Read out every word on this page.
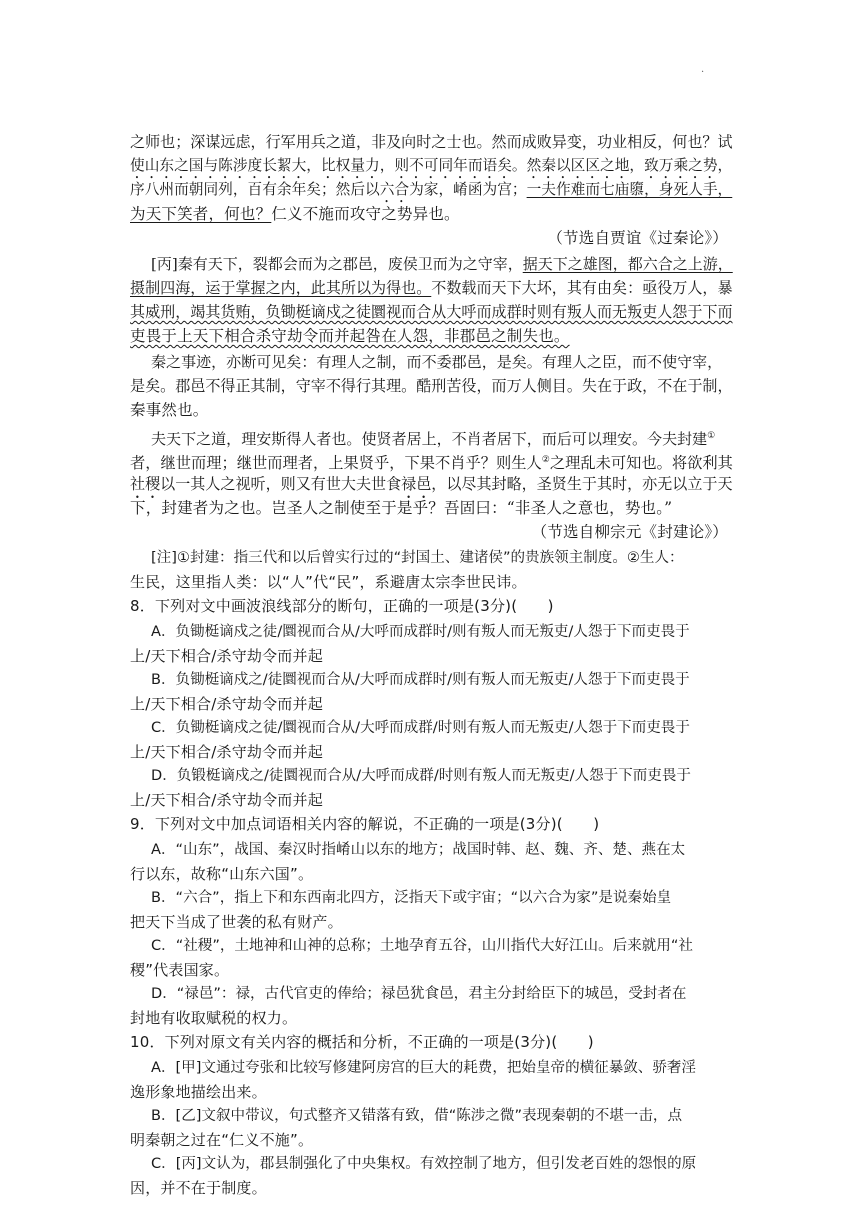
·
之师也；深谋远虑，行军用兵之道，非及向时之士也。然而成败异变，功业相反，何也？试
使山东之国与陈涉度长絜大，比权量力，则不可同年而语矣。然秦以区区之地，致万乘之势，
序八州而朝同列，百有余年矣；然后以六合为家，崤函为宫；一夫作难而七庙隳，身死人手，
为天下笑者，何也？仁义不施而攻守之势异也。
（节选自贾谊《过秦论》）
[丙]秦有天下，裂都会而为之郡邑，废侯卫而为之守宰，据天下之雄图，都六合之上游，
摄制四海，运于掌握之内，此其所以为得也。不数载而天下大坏，其有由矣：亟役万人，暴
其威刑，竭其货贿，负锄梃谪戍之徒圜视而合从大呼而成群时则有叛人而无叛吏人怨于下而
吏畏于上天下相合杀守劫令而并起咎在人怨，非郡邑之制失也。
秦之事迹，亦断可见矣：有理人之制，而不委郡邑，是矣。有理人之臣，而不使守宰，
是矣。郡邑不得正其制，守宰不得行其理。酷刑苦役，而万人侧目。失在于政，不在于制，
秦事然也。
夫天下之道，理安斯得人者也。使贤者居上，不肖者居下，而后可以理安。今夫封建①
者，继世而理；继世而理者，上果贤乎，下果不肖乎？则生人②之理乱未可知也。将欲利其
社稷以一其人之视听，则又有世大夫世食禄邑，以尽其封略，圣贤生于其时，亦无以立于天
下，封建者为之也。岂圣人之制使至于是乎？吾固曰：“非圣人之意也，势也。”
（节选自柳宗元《封建论》）
[注]①封建：指三代和以后曾实行过的“封国土、建诸侯”的贵族领主制度。②生人：
生民，这里指人类：以“人”代“民”，系避唐太宗李世民讳。
8．下列对文中画波浪线部分的断句，正确的一项是(3分)(　　)
A．负锄梃谪戍之徒/圜视而合从/大呼而成群时/则有叛人而无叛吏/人怨于下而吏畏于
上/天下相合/杀守劫令而并起
B．负锄梃谪戍之/徒圜视而合从/大呼而成群时/则有叛人而无叛吏/人怨于下而吏畏于
上/天下相合/杀守劫令而并起
C．负锄梃谪戍之徒/圜视而合从/大呼而成群/时则有叛人而无叛吏/人怨于下而吏畏于
上/天下相合/杀守劫令而并起
D．负锻梃谪戍之/徒圜视而合从/大呼而成群/时则有叛人而无叛吏/人怨于下而吏畏于
上/天下相合/杀守劫令而并起
9．下列对文中加点词语相关内容的解说，不正确的一项是(3分)(　　)
A．“山东”，战国、秦汉时指崤山以东的地方；战国时韩、赵、魏、齐、楚、燕在太
行以东，故称“山东六国”。
B．“六合”，指上下和东西南北四方，泛指天下或宇宙；“以六合为家”是说秦始皇
把天下当成了世袭的私有财产。
C．“社稷”，土地神和山神的总称；土地孕育五谷，山川指代大好江山。后来就用“社
稷”代表国家。
D．“禄邑”：禄，古代官吏的俸给；禄邑犹食邑，君主分封给臣下的城邑，受封者在
封地有收取赋税的权力。
10．下列对原文有关内容的概括和分析，不正确的一项是(3分)(　　)
A．[甲]文通过夸张和比较写修建阿房宫的巨大的耗费，把始皇帝的横征暴敛、骄奢淫
逸形象地描绘出来。
B．[乙]文叙中带议，句式整齐又错落有致，借“陈涉之微”表现秦朝的不堪一击，点
明秦朝之过在“仁义不施”。
C．[丙]文认为，郡县制强化了中央集权。有效控制了地方，但引发老百姓的怨恨的原
因，并不在于制度。
